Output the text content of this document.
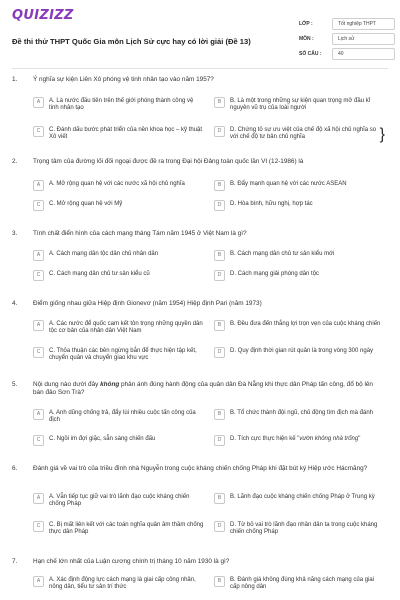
QUIZIZZ
Đề thi thử THPT Quốc Gia môn Lịch Sử cực hay có lời giải (Đề 13)
LỚP :	Tốt nghiệp THPT
MÔN :	Lịch sử
SỐ CÂU :	40
1. Ý nghĩa sự kiện Liên Xô phóng vệ tinh nhân tạo vào năm 1957?
A	A. Là nước đầu tiên trên thế giới phóng thành công vệ tinh nhân tạo
B	B. Là một trong những sự kiện quan trọng mở đầu kỉ nguyên vũ trụ của loài người
C	C. Đánh dấu bước phát triển của nền khoa học – kỹ thuật Xô viết
D	D. Chứng tỏ sự ưu việt của chế độ xã hội chủ nghĩa so với chế độ tư bản chủ nghĩa	}
2. Trọng tâm của đường lối đối ngoại được đề ra trong Đại hội Đảng toàn quốc lần VI (12-1986) là
A	A. Mở rộng quan hệ với các nước xã hội chủ nghĩa	B	B. Đẩy mạnh quan hệ với các nước ASEAN
C	C. Mở rộng quan hệ với Mỹ	D	D. Hòa bình, hữu nghị, hợp tác
3. Tính chất điển hình của cách mạng tháng Tám năm 1945 ở Việt Nam là gì?
A	A. Cách mạng dân tộc dân chủ nhân dân	B	B. Cách mạng dân chủ tư sản kiểu mới
C	C. Cách mạng dân chủ tư sản kiểu cũ	D	D. Cách mạng giải phóng dân tộc
4. Điểm giống nhau giữa Hiệp định Gionevơ (năm 1954) Hiệp định Pari (năm 1973)
A	A. Các nước để quốc cam kết tôn trọng những quyền dân tộc cơ bản của nhân dân Việt Nam
B	B. Đều đưa đến thắng lợi trọn vẹn của cuộc kháng chiến
C	C. Thỏa thuận các bên ngừng bắn để thực hiện tập kết, chuyển quân và chuyển giao khu vực
D	D. Quy định thời gian rút quân là trong vòng 300 ngày
5. Nội dung nào dưới đây không phản ánh đúng hành động của quân dân Đà Nẵng khi thực dân Pháp tấn công, đổ bộ lên bán đảo Sơn Trà?
A	A. Anh dũng chống trả, đẩy lùi nhiều cuộc tấn công của địch
B	B. Tổ chức thành đội ngũ, chủ động tìm địch mà đánh
C	C. Ngồi im đợi giặc, sẵn sàng chiến đấu	D	D. Tích cực thực hiện kế "vườn không nhà trống"
6. Đánh giá về vai trò của triều đình nhà Nguyễn trong cuộc kháng chiến chống Pháp khi đặt bút ký Hiệp ước Hácmăng?
A	A. Vẫn tiếp tục giữ vai trò lãnh đạo cuộc kháng chiến chống Pháp
B	B. Lãnh đạo cuộc kháng chiến chống Pháp ở Trung kỳ
C	C. Bị mất liên kết với các toán nghĩa quân âm thầm chống thực dân Pháp
D	D. Từ bỏ vai trò lãnh đạo nhân dân ta trong cuộc kháng chiến chống Pháp
7. Hạn chế lớn nhất của Luận cương chính trị tháng 10 năm 1930 là gì?
A	A. Xác định động lực cách mạng là giai cấp công nhân, nông dân, tiểu tư sản trí thức
B	B. Đánh giá không đúng khả năng cách mạng của giai cấp nông dân
